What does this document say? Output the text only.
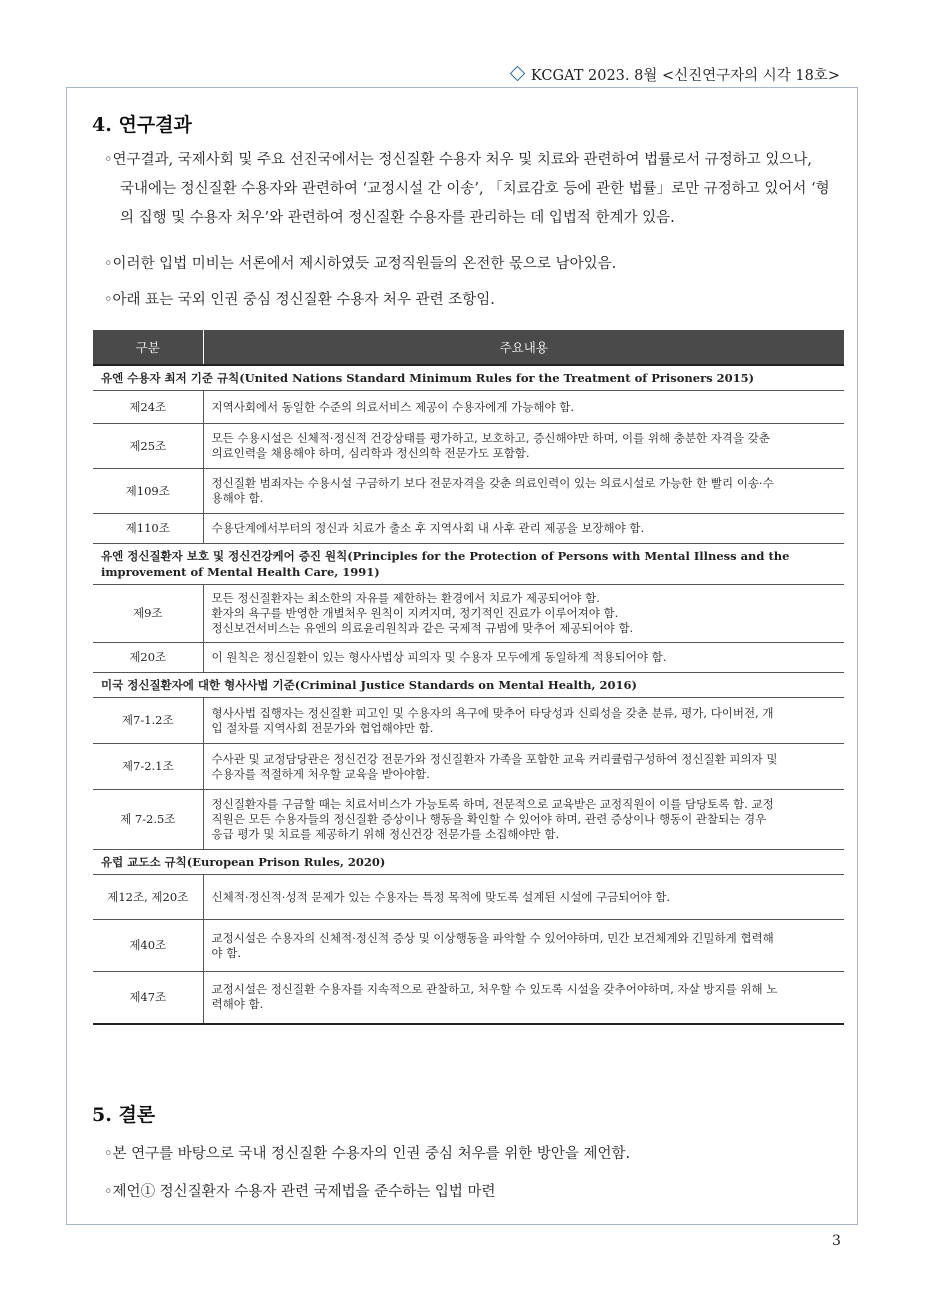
KCGAT 2023. 8월 <신진연구자의 시각 18호>
4. 연구결과
◦연구결과, 국제사회 및 주요 선진국에서는 정신질환 수용자 처우 및 치료와 관련하여 법률로서 규정하고 있으나,
국내에는 정신질환 수용자와 관련하여 ‘교정시설 간 이송’, 「치료감호 등에 관한 법률」로만 규정하고 있어서 ‘형
의 집행 및 수용자 처우’와 관련하여 정신질환 수용자를 관리하는 데 입법적 한계가 있음.
◦이러한 입법 미비는 서론에서 제시하였듯 교정직원들의 온전한 몫으로 남아있음.
◦아래 표는 국외 인권 중심 정신질환 수용자 처우 관련 조항임.
구분	주요내용
유엔 수용자 최저 기준 규칙(United Nations Standard Minimum Rules for the Treatment of Prisoners 2015)	
제24조	지역사회에서 동일한 수준의 의료서비스 제공이 수용자에게 가능해야 함.

제25조	모든 수용시설은 신체적·정신적 건강상태를 평가하고, 보호하고, 증신해야만 하며, 이를 위해 충분한 자격을 갖춘
의료인력을 채용해야 하며, 심리학과 정신의학 전문가도 포함함.

제109조	정신질환 범죄자는 수용시설 구금하기 보다 전문자격을 갖춘 의료인력이 있는 의료시설로 가능한 한 빨리 이송·수
용해야 함.

제110조	수용단계에서부터의 정신과 치료가 출소 후 지역사회 내 사후 관리 제공을 보장해야 함.

유엔 정신질환자 보호 및 정신건강케어 증진 원칙(Principles for the Protection of Persons with Mental Illness and the improvement of Mental Health Care, 1991)	
제9조	모든 정신질환자는 최소한의 자유를 제한하는 환경에서 치료가 제공되어야 함.
환자의 욕구를 반영한 개별처우 원칙이 지켜지며, 정기적인 진료가 이루어져야 함.
정신보건서비스는 유엔의 의료윤리원칙과 같은 국제적 규범에 맞추어 제공되어야 함.

제20조	이 원칙은 정신질환이 있는 형사사법상 피의자 및 수용자 모두에게 동일하게 적용되어야 함.

미국 정신질환자에 대한 형사사법 기준(Criminal Justice Standards on Mental Health, 2016)	
제7-1.2조	형사사법 집행자는 정신질환 피고인 및 수용자의 욕구에 맞추어 타당성과 신뢰성을 갖춘 분류, 평가, 다이버전, 개
입 절차를 지역사회 전문가와 협업해야만 함.

제7-2.1조	수사관 및 교정담당관은 정신건강 전문가와 정신질환자 가족을 포함한 교육 커리큘럼구성하여 정신질환 피의자 및
수용자를 적절하게 처우할 교육을 받아야함.

제 7-2.5조	정신질환자를 구금할 때는 치료서비스가 가능토록 하며, 전문적으로 교육받은 교정직원이 이를 담당토록 함. 교정
직원은 모든 수용자들의 정신질환 증상이나 행동을 확인할 수 있어야 하며, 관련 증상이나 행동이 관찰되는 경우
응급 평가 및 치료를 제공하기 위해 정신건강 전문가를 소집해야만 함.

유럽 교도소 규칙(European Prison Rules, 2020)	
제12조, 제20조	신체적·정신적·성적 문제가 있는 수용자는 특정 목적에 맞도록 설계된 시설에 구금되어야 함.

제40조	교정시설은 수용자의 신체적·정신적 증상 및 이상행동을 파악할 수 있어야하며, 민간 보건체계와 긴밀하게 협력해
야 함.

제47조	교정시설은 정신질환 수용자를 지속적으로 관찰하고, 처우할 수 있도록 시설을 갖추어야하며, 자살 방지를 위해 노
력해야 함.
5. 결론
◦본 연구를 바탕으로 국내 정신질환 수용자의 인권 중심 처우를 위한 방안을 제언함.
◦제언① 정신질환자 수용자 관련 국제법을 준수하는 입법 마련
3
